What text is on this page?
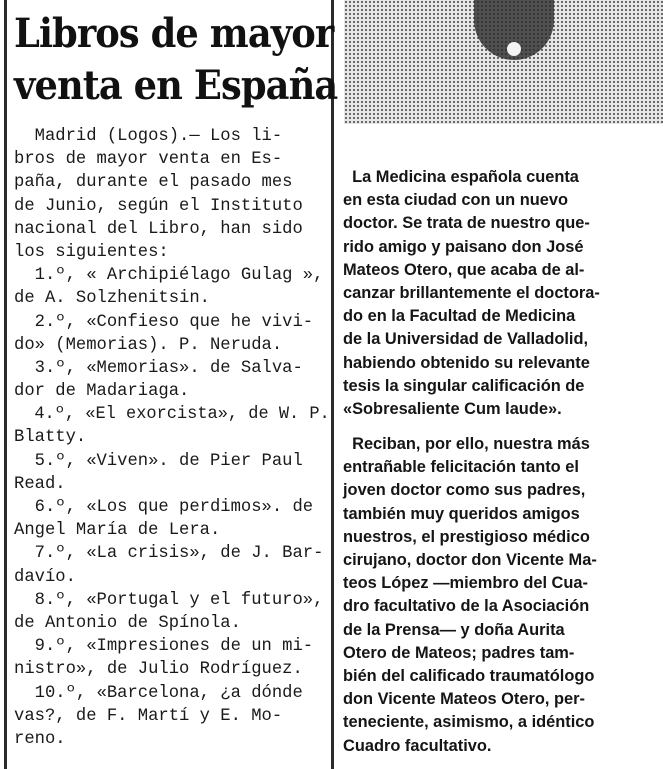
Libros de mayor
venta en España
Madrid (Logos).— Los li-
bros de mayor venta en Es-
paña, durante el pasado mes
de Junio, según el Instituto
nacional del Libro, han sido
los siguientes:
1.º, « Archipiélago Gulag »,
de A. Solzhenitsin.
2.º, «Confieso que he vivi-
do» (Memorias). P. Neruda.
3.º, «Memorias». de Salva-
dor de Madariaga.
4.º, «El exorcista», de W. P.
Blatty.
5.º, «Viven». de Pier Paul
Read.
6.º, «Los que perdimos». de
Angel María de Lera.
7.º, «La crisis», de J. Bar-
davío.
8.º, «Portugal y el futuro»,
de Antonio de Spínola.
9.º, «Impresiones de un mi-
nistro», de Julio Rodríguez.
10.º, «Barcelona, ¿a dónde
vas?, de F. Martí y E. Mo-
reno.
La Medicina española cuenta
en esta ciudad con un nuevo
doctor. Se trata de nuestro que-
rido amigo y paisano don José
Mateos Otero, que acaba de al-
canzar brillantemente el doctora-
do en la Facultad de Medicina
de la Universidad de Valladolid,
habiendo obtenido su relevante
tesis la singular calificación de
«Sobresaliente Cum laude».
Reciban, por ello, nuestra más
entrañable felicitación tanto el
joven doctor como sus padres,
también muy queridos amigos
nuestros, el prestigioso médico
cirujano, doctor don Vicente Ma-
teos López —miembro del Cua-
dro facultativo de la Asociación
de la Prensa— y doña Aurita
Otero de Mateos; padres tam-
bién del calificado traumatólogo
don Vicente Mateos Otero, per-
teneciente, asimismo, a idéntico
Cuadro facultativo.
